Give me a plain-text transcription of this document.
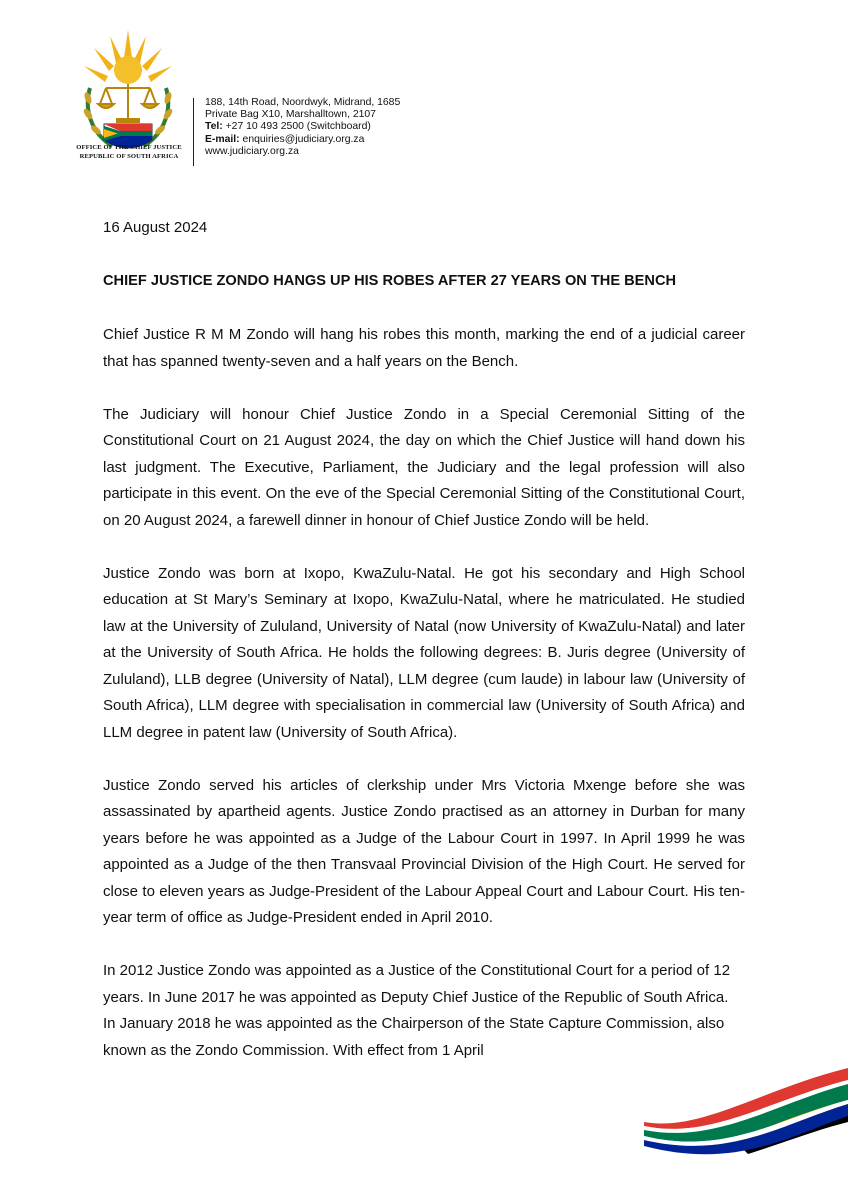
OFFICE OF THE CHIEF JUSTICE
REPUBLIC OF SOUTH AFRICA
188, 14th Road, Noordwyk, Midrand, 1685
Private Bag X10, Marshalltown, 2107
Tel: +27 10 493 2500 (Switchboard)
E-mail: enquiries@judiciary.org.za
www.judiciary.org.za
16 August 2024
CHIEF JUSTICE ZONDO HANGS UP HIS ROBES AFTER 27 YEARS ON THE BENCH

Chief Justice R M M Zondo will hang his robes this month, marking the end of a judicial career that has spanned twenty-seven and a half years on the Bench.

The Judiciary will honour Chief Justice Zondo in a Special Ceremonial Sitting of the Constitutional Court on 21 August 2024, the day on which the Chief Justice will hand down his last judgment. The Executive, Parliament, the Judiciary and the legal profession will also participate in this event. On the eve of the Special Ceremonial Sitting of the Constitutional Court, on 20 August 2024, a farewell dinner in honour of Chief Justice Zondo will be held.

Justice Zondo was born at Ixopo, KwaZulu-Natal. He got his secondary and High School education at St Mary’s Seminary at Ixopo, KwaZulu-Natal, where he matriculated. He studied law at the University of Zululand, University of Natal (now University of KwaZulu-Natal) and later at the University of South Africa. He holds the following degrees: B. Juris degree (University of Zululand), LLB degree (University of Natal), LLM degree (cum laude) in labour law (University of South Africa), LLM degree with specialisation in commercial law (University of South Africa) and LLM degree in patent law (University of South Africa).

Justice Zondo served his articles of clerkship under Mrs Victoria Mxenge before she was assassinated by apartheid agents. Justice Zondo practised as an attorney in Durban for many years before he was appointed as a Judge of the Labour Court in 1997. In April 1999 he was appointed as a Judge of the then Transvaal Provincial Division of the High Court. He served for close to eleven years as Judge-President of the Labour Appeal Court and Labour Court. His ten-year term of office as Judge-President ended in April 2010.

In 2012 Justice Zondo was appointed as a Justice of the Constitutional Court for a period of 12 years. In June 2017 he was appointed as Deputy Chief Justice of the Republic of South Africa. In January 2018 he was appointed as the Chairperson of the State Capture Commission, also known as the Zondo Commission. With effect from 1 April
